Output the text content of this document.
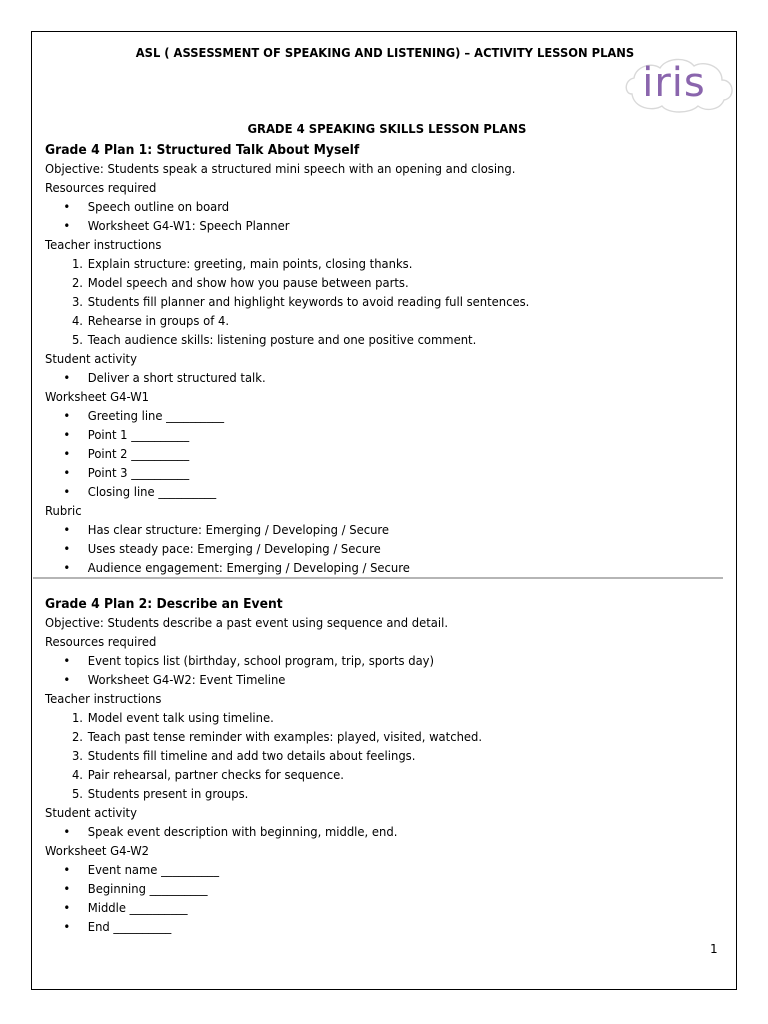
ASL ( ASSESSMENT OF SPEAKING AND LISTENING) – ACTIVITY LESSON PLANS
iris
GRADE 4 SPEAKING SKILLS LESSON PLANS
Grade 4 Plan 1: Structured Talk About Myself
Objective: Students speak a structured mini speech with an opening and closing.
Resources required
• Speech outline on board
• Worksheet G4-W1: Speech Planner
Teacher instructions
1. Explain structure: greeting, main points, closing thanks.
2. Model speech and show how you pause between parts.
3. Students fill planner and highlight keywords to avoid reading full sentences.
4. Rehearse in groups of 4.
5. Teach audience skills: listening posture and one positive comment.
Student activity
• Deliver a short structured talk.
Worksheet G4-W1
• Greeting line __________
• Point 1 __________
• Point 2 __________
• Point 3 __________
• Closing line __________
Rubric
• Has clear structure: Emerging / Developing / Secure
• Uses steady pace: Emerging / Developing / Secure
• Audience engagement: Emerging / Developing / Secure
Grade 4 Plan 2: Describe an Event
Objective: Students describe a past event using sequence and detail.
Resources required
• Event topics list (birthday, school program, trip, sports day)
• Worksheet G4-W2: Event Timeline
Teacher instructions
1. Model event talk using timeline.
2. Teach past tense reminder with examples: played, visited, watched.
3. Students fill timeline and add two details about feelings.
4. Pair rehearsal, partner checks for sequence.
5. Students present in groups.
Student activity
• Speak event description with beginning, middle, end.
Worksheet G4-W2
• Event name __________
• Beginning __________
• Middle __________
• End __________
1
